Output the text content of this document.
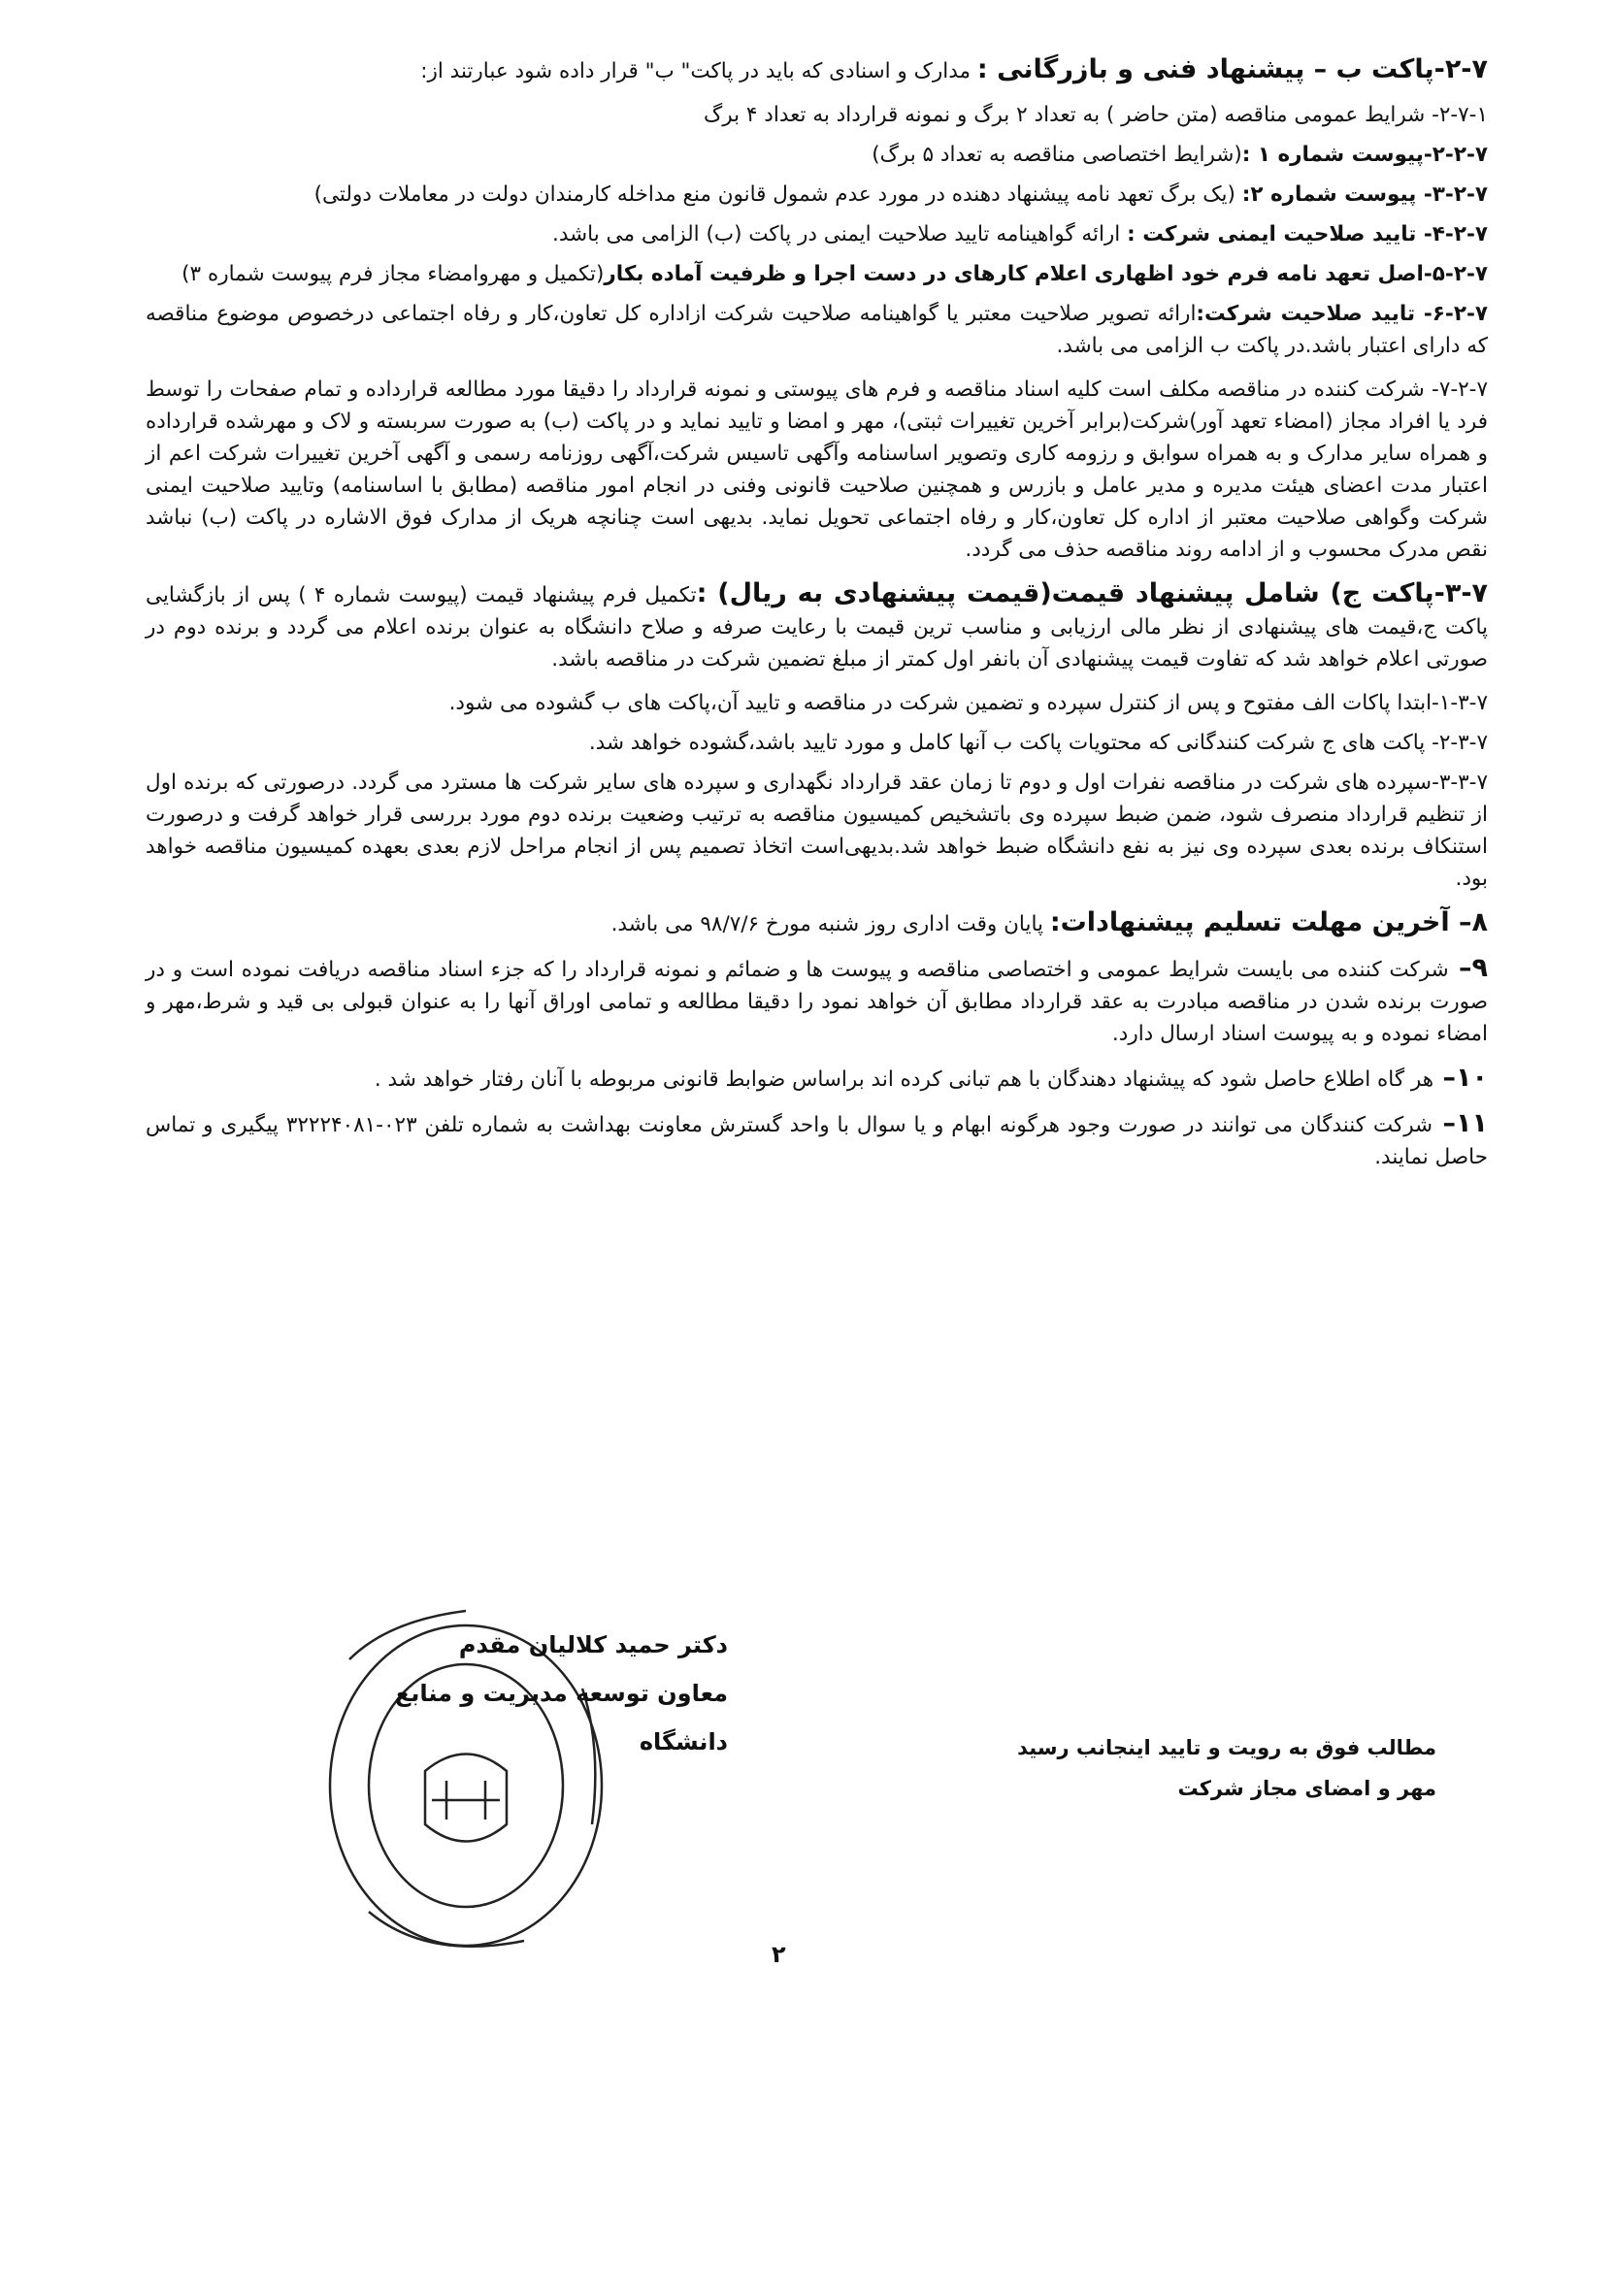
۲-۷-پاکت ب – پیشنهاد فنی و بازرگانی : مدارک و اسنادی که باید در پاکت" ب" قرار داده شود عبارتند از:

۲-۷-۱- شرایط عمومی مناقصه (متن حاضر ) به تعداد ۲ برگ و نمونه قرارداد به تعداد ۴ برگ

۲-۲-۷-پیوست شماره ۱ :(شرایط اختصاصی مناقصه به تعداد ۵ برگ)

۳-۲-۷- پیوست شماره ۲: (یک برگ تعهد نامه پیشنهاد دهنده در مورد عدم شمول قانون منع مداخله کارمندان دولت در معاملات دولتی)

۴-۲-۷- تایید صلاحیت ایمنی شرکت : ارائه گواهینامه تایید صلاحیت ایمنی در پاکت (ب) الزامی می باشد.

۵-۲-۷-اصل تعهد نامه فرم خود اظهاری اعلام کارهای در دست اجرا و ظرفیت آماده بکار(تکمیل و مهروامضاء مجاز فرم پیوست شماره ۳)

۶-۲-۷- تایید صلاحیت شرکت:ارائه تصویر صلاحیت معتبر یا گواهینامه صلاحیت شرکت ازاداره کل تعاون،کار و رفاه اجتماعی درخصوص موضوع مناقصه که دارای اعتبار باشد.در پاکت ب الزامی می باشد.

۷-۲-۷- شرکت کننده در مناقصه مکلف است کلیه اسناد مناقصه و فرم های پیوستی و نمونه قرارداد را دقیقا مورد مطالعه قرارداده و تمام صفحات را توسط فرد یا افراد مجاز (امضاء تعهد آور)شرکت(برابر آخرین تغییرات ثبتی)، مهر و امضا و تایید نماید و در پاکت (ب) به صورت سربسته و لاک و مهرشده قرارداده و همراه سایر مدارک و به همراه سوابق و رزومه کاری وتصویر اساسنامه وآگهی تاسیس شرکت،آگهی روزنامه رسمی و آگهی آخرین تغییرات شرکت اعم از اعتبار مدت اعضای هیئت مدیره و مدیر عامل و بازرس و همچنین صلاحیت قانونی وفنی در انجام امور مناقصه (مطابق با اساسنامه) وتایید صلاحیت ایمنی شرکت وگواهی صلاحیت معتبر از اداره کل تعاون،کار و رفاه اجتماعی تحویل نماید. بدیهی است چنانچه هریک از مدارک فوق الاشاره در پاکت (ب) نباشد نقص مدرک محسوب و از ادامه روند مناقصه حذف می گردد.

۳-۷-پاکت ج) شامل پیشنهاد قیمت(قیمت پیشنهادی به ریال) :تکمیل فرم پیشنهاد قیمت (پیوست شماره ۴ ) پس از بازگشایی پاکت ج،قیمت های پیشنهادی از نظر مالی ارزیابی و مناسب ترین قیمت با رعایت صرفه و صلاح دانشگاه به عنوان برنده اعلام می گردد و برنده دوم در صورتی اعلام خواهد شد که تفاوت قیمت پیشنهادی آن بانفر اول کمتر از مبلغ تضمین شرکت در مناقصه باشد.

۱-۳-۷-ابتدا پاکات الف مفتوح و پس از کنترل سپرده و تضمین شرکت در مناقصه و تایید آن،پاکت های ب گشوده می شود.

۲-۳-۷- پاکت های ج شرکت کنندگانی که محتویات پاکت ب آنها کامل و مورد تایید باشد،گشوده خواهد شد.

۳-۳-۷-سپرده های شرکت در مناقصه نفرات اول و دوم تا زمان عقد قرارداد نگهداری و سپرده های سایر شرکت ها مسترد می گردد. درصورتی که برنده اول از تنظیم قرارداد منصرف شود، ضمن ضبط سپرده وی باتشخیص کمیسیون مناقصه به ترتیب وضعیت برنده دوم مورد بررسی قرار خواهد گرفت و درصورت استنکاف برنده بعدی سپرده وی نیز به نفع دانشگاه ضبط خواهد شد.بدیهی‌است اتخاذ تصمیم پس از انجام مراحل لازم بعدی بعهده کمیسیون مناقصه خواهد بود.

۸– آخرین مهلت تسلیم پیشنهادات: پایان وقت اداری روز شنبه مورخ ۹۸/۷/۶ می باشد.

۹– شرکت کننده می بایست شرایط عمومی و اختصاصی مناقصه و پیوست ها و ضمائم و نمونه قرارداد را که جزء اسناد مناقصه دریافت نموده است و در صورت برنده شدن در مناقصه مبادرت به عقد قرارداد مطابق آن خواهد نمود را دقیقا مطالعه و تمامی اوراق آنها را به عنوان قبولی بی قید و شرط،مهر و امضاء نموده و به پیوست اسناد ارسال دارد.

۱۰– هر گاه اطلاع حاصل شود که پیشنهاد دهندگان با هم تبانی کرده اند براساس ضوابط قانونی مربوطه با آنان رفتار خواهد شد .

۱۱– شرکت کنندگان می توانند در صورت وجود هرگونه ابهام و یا سوال با واحد گسترش معاونت بهداشت به شماره تلفن ۰۲۳-۳۲۲۲۴۰۸۱ پیگیری و تماس حاصل نمایند.

دکتر حمید کلالیان مقدم
معاون توسعه مدیریت و منابع دانشگاه	مطالب فوق به رویت و تایید اینجانب رسید
مهر و امضای مجاز شرکت
۲
